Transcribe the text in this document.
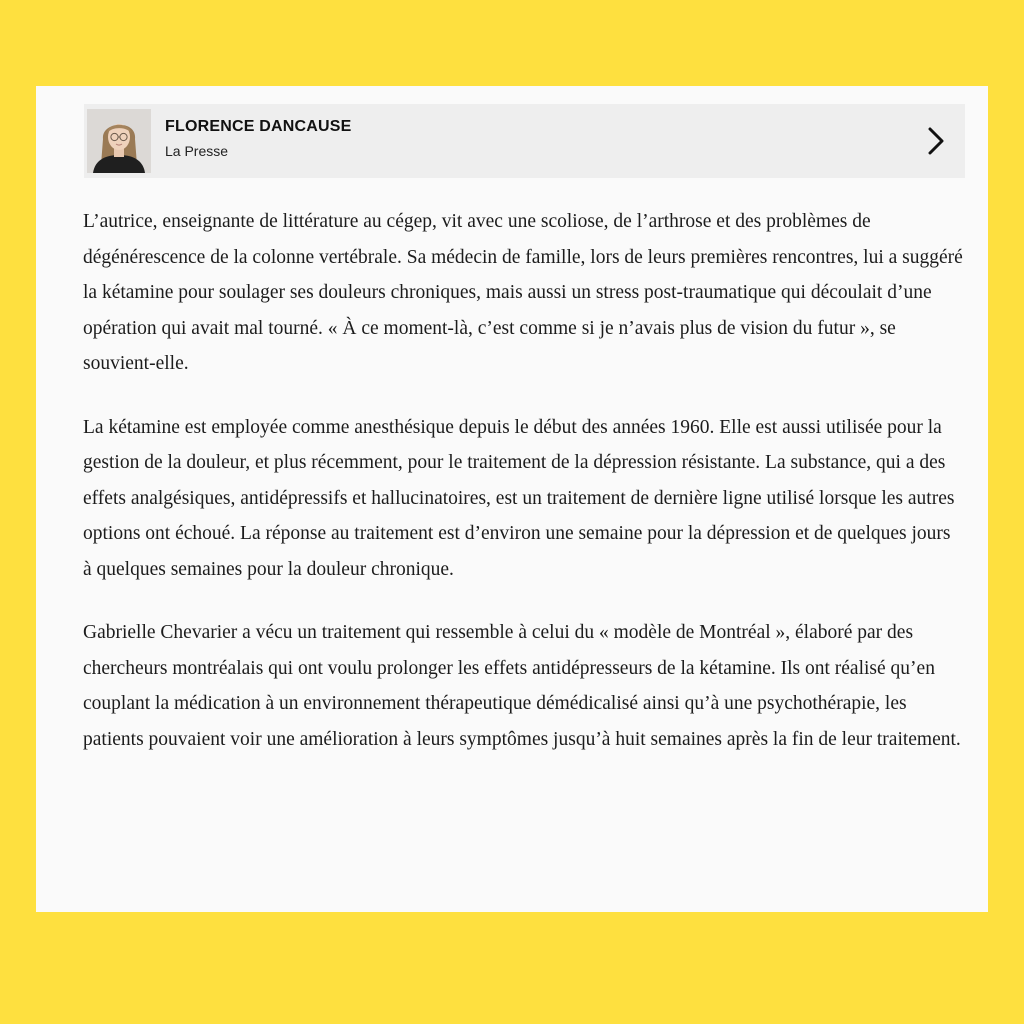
FLORENCE DANCAUSE
La Presse

L’autrice, enseignante de littérature au cégep, vit avec une scoliose, de l’arthrose et des problèmes de dégénérescence de la colonne vertébrale. Sa médecin de famille, lors de leurs premières rencontres, lui a suggéré la kétamine pour soulager ses douleurs chroniques, mais aussi un stress post-traumatique qui découlait d’une opération qui avait mal tourné. « À ce moment-là, c’est comme si je n’avais plus de vision du futur », se souvient-elle.

La kétamine est employée comme anesthésique depuis le début des années 1960. Elle est aussi utilisée pour la gestion de la douleur, et plus récemment, pour le traitement de la dépression résistante. La substance, qui a des effets analgésiques, antidépressifs et hallucinatoires, est un traitement de dernière ligne utilisé lorsque les autres options ont échoué. La réponse au traitement est d’environ une semaine pour la dépression et de quelques jours à quelques semaines pour la douleur chronique.

Gabrielle Chevarier a vécu un traitement qui ressemble à celui du « modèle de Montréal », élaboré par des chercheurs montréalais qui ont voulu prolonger les effets antidépresseurs de la kétamine. Ils ont réalisé qu’en couplant la médication à un environnement thérapeutique démédicalisé ainsi qu’à une psychothérapie, les patients pouvaient voir une amélioration à leurs symptômes jusqu’à huit semaines après la fin de leur traitement.
